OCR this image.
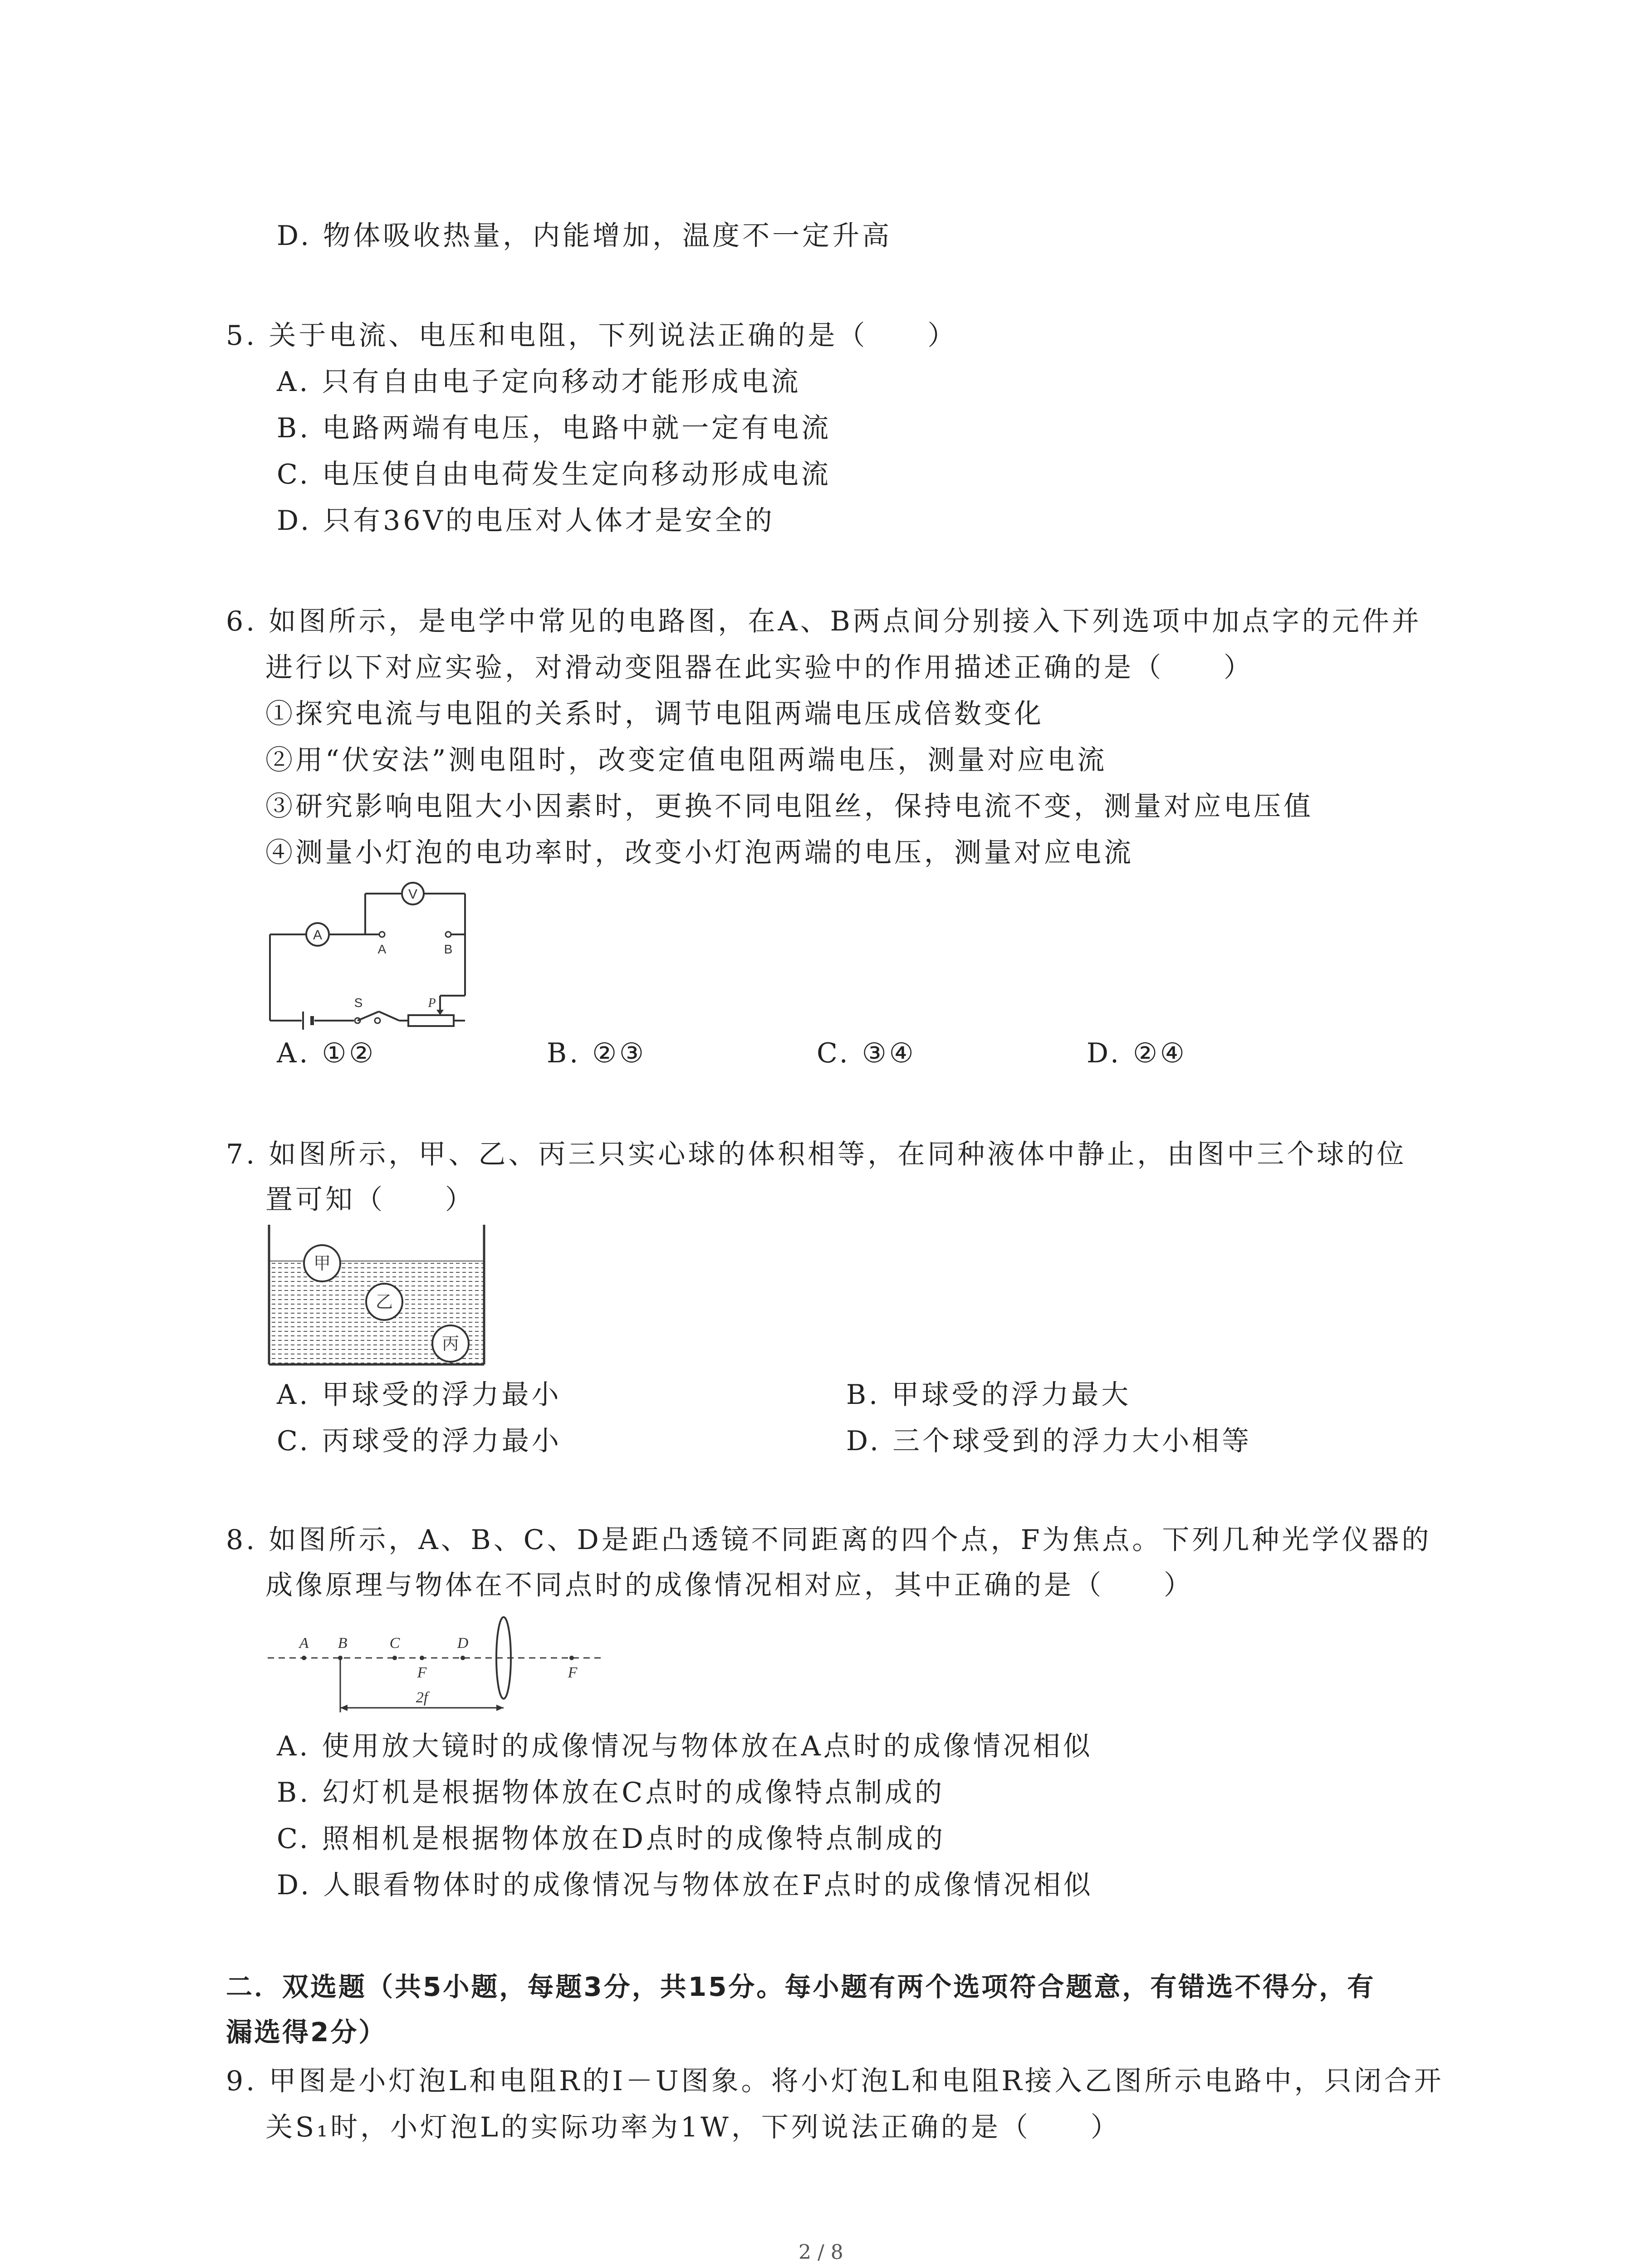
D. 物体吸收热量，内能增加，温度不一定升高
5. 关于电流、电压和电阻，下列说法正确的是（　　）
A. 只有自由电子定向移动才能形成电流
B. 电路两端有电压，电路中就一定有电流
C. 电压使自由电荷发生定向移动形成电流
D. 只有36V的电压对人体才是安全的
6. 如图所示，是电学中常见的电路图，在A、B两点间分别接入下列选项中加点字的元件并
进行以下对应实验，对滑动变阻器在此实验中的作用描述正确的是（　　）
①探究电流与电阻的关系时，调节电阻两端电压成倍数变化
②用“伏安法”测电阻时，改变定值电阻两端电压，测量对应电流
③研究影响电阻大小因素时，更换不同电阻丝，保持电流不变，测量对应电压值
④测量小灯泡的电功率时，改变小灯泡两端的电压，测量对应电流
A
V
A	B
S	P
A. ①②	B. ②③	C. ③④	D. ②④
7. 如图所示，甲、乙、丙三只实心球的体积相等，在同种液体中静止，由图中三个球的位
置可知（　　）
甲
乙
丙
A. 甲球受的浮力最小	B. 甲球受的浮力最大
C. 丙球受的浮力最小	D. 三个球受到的浮力大小相等
8. 如图所示，A、B、C、D是距凸透镜不同距离的四个点，F为焦点。下列几种光学仪器的
成像原理与物体在不同点时的成像情况相对应，其中正确的是（　　）
A B	C	D
F	F
2f
A. 使用放大镜时的成像情况与物体放在A点时的成像情况相似
B. 幻灯机是根据物体放在C点时的成像特点制成的
C. 照相机是根据物体放在D点时的成像特点制成的
D. 人眼看物体时的成像情况与物体放在F点时的成像情况相似
二．双选题（共5小题，每题3分，共15分。每小题有两个选项符合题意，有错选不得分，有
漏选得2分）
9. 甲图是小灯泡L和电阻R的I－U图象。将小灯泡L和电阻R接入乙图所示电路中，只闭合开
关S₁时，小灯泡L的实际功率为1W，下列说法正确的是（　　）
2 / 8
